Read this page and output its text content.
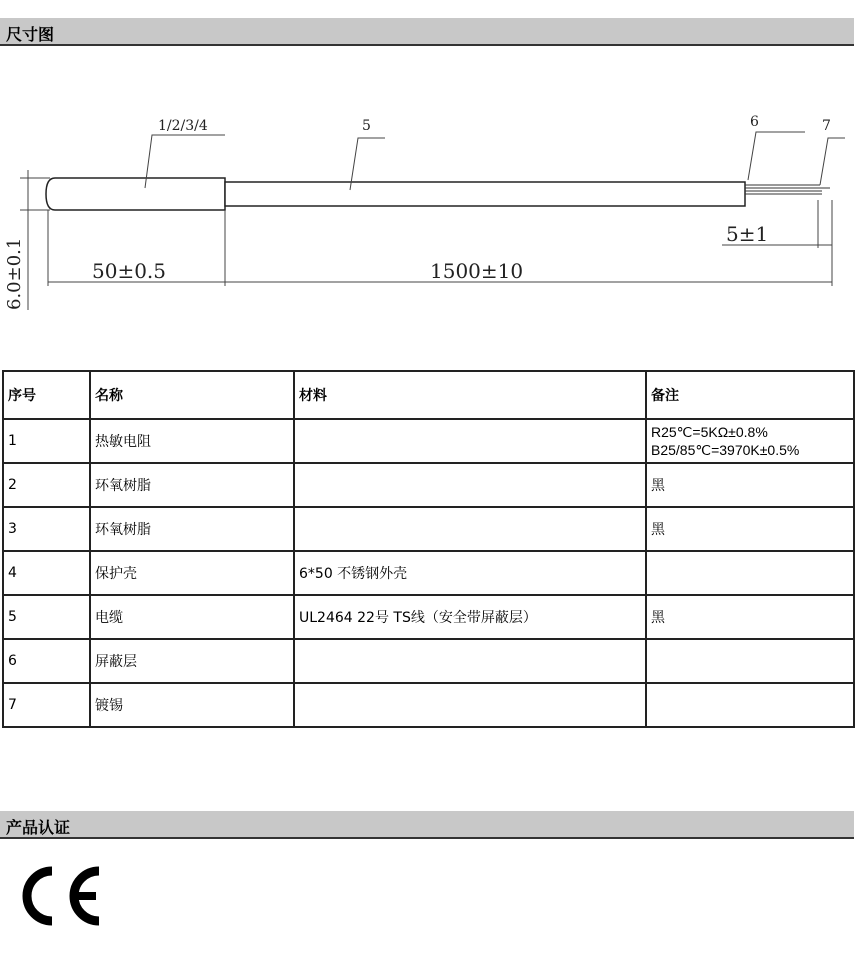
尺寸图
1/2/3/4	5	6	7
6.0±0.1	50±0.5	1500±10
5±1
序号	名称	材料	备注
1	热敏电阻		R25℃=5KΩ±0.8%
B25/85℃=3970K±0.5%

2	环氧树脂		黑

3	环氧树脂		黑

4	保护壳	6*50 不锈钢外壳	
5	电缆	UL2464 22号 TS线（安全带屏蔽层）	黑

6	屏蔽层		
7	镀锡		
产品认证
